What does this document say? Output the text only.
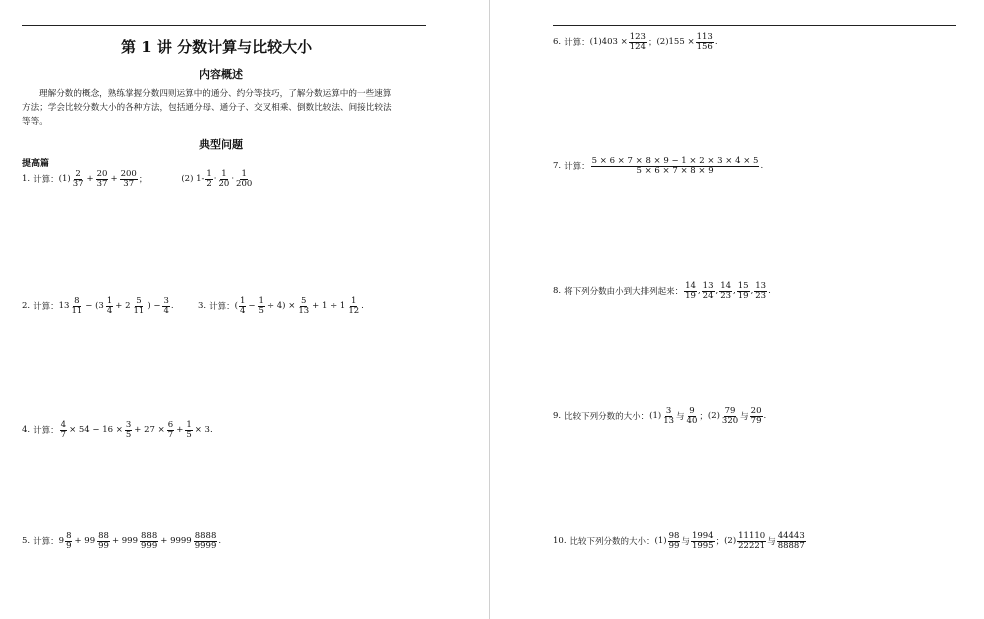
第 1 讲 分数计算与比较大小
内容概述
理解分数的概念，熟练掌握分数四则运算中的通分、约分等技巧，了解分数运算中的一些速算
方法；学会比较分数大小的各种方法，包括通分母、通分子、交叉相乘、倒数比较法、间接比较法
等等。
典型问题
提高篇
1. 计算： $(1) \frac{2}{37} + \frac{20}{37} + \frac{200}{37}$ ；	(2) $1- \frac{1}{2} \cdot \frac{1}{20} \cdot \frac{1}{200}$
2. 计算： $13 \frac{8}{11} - (3 \frac{1}{4} + 2 \frac{5}{11}$ ) − $\frac{3}{4}$ .	3. 计算： ( $\frac{1}{4} - \frac{1}{5} \div 4) \times \frac{5}{13} + 1 \div 1 \frac{1}{12}$ .
4. 计算： $\frac{4}{7} \times 54 - 16 \times \frac{3}{5} + 27 \times \frac{6}{7} + \frac{1}{5} \times 3$.
5. 计算： $9 \frac{8}{9} + 99 \frac{88}{99} + 999 \frac{888}{999} + 9999 \frac{8888}{9999}$ .
6. 计算： $(1)403 \times \frac{123}{124}$ ； $(2)155 \times \frac{113}{156}$ .
7. 计算： $\frac{5 \times 6 \times 7 \times 8 \times 9 - 1 \times 2 \times 3 \times 4 \times 5}{5 \times 6 \times 7 \times 8 \times 9}$ .
8. 将下列分数由小到大排列起来： $\frac{14}{19}$ , $\frac{13}{24}$ , $\frac{14}{23}$ , $\frac{15}{19}$ , $\frac{13}{23}$ .
9. 比较下列分数的大小： $(1) \frac{3}{13}$ 与 $\frac{9}{40}$ ； $(2) \frac{79}{320}$ 与 $\frac{20}{79}$ .
10. 比较下列分数的大小： $(1) \frac{98}{99}$ 与 $\frac{1994}{1995}$ ； $(2) \frac{11110}{22221}$ 与 $\frac{44443}{88887}$
